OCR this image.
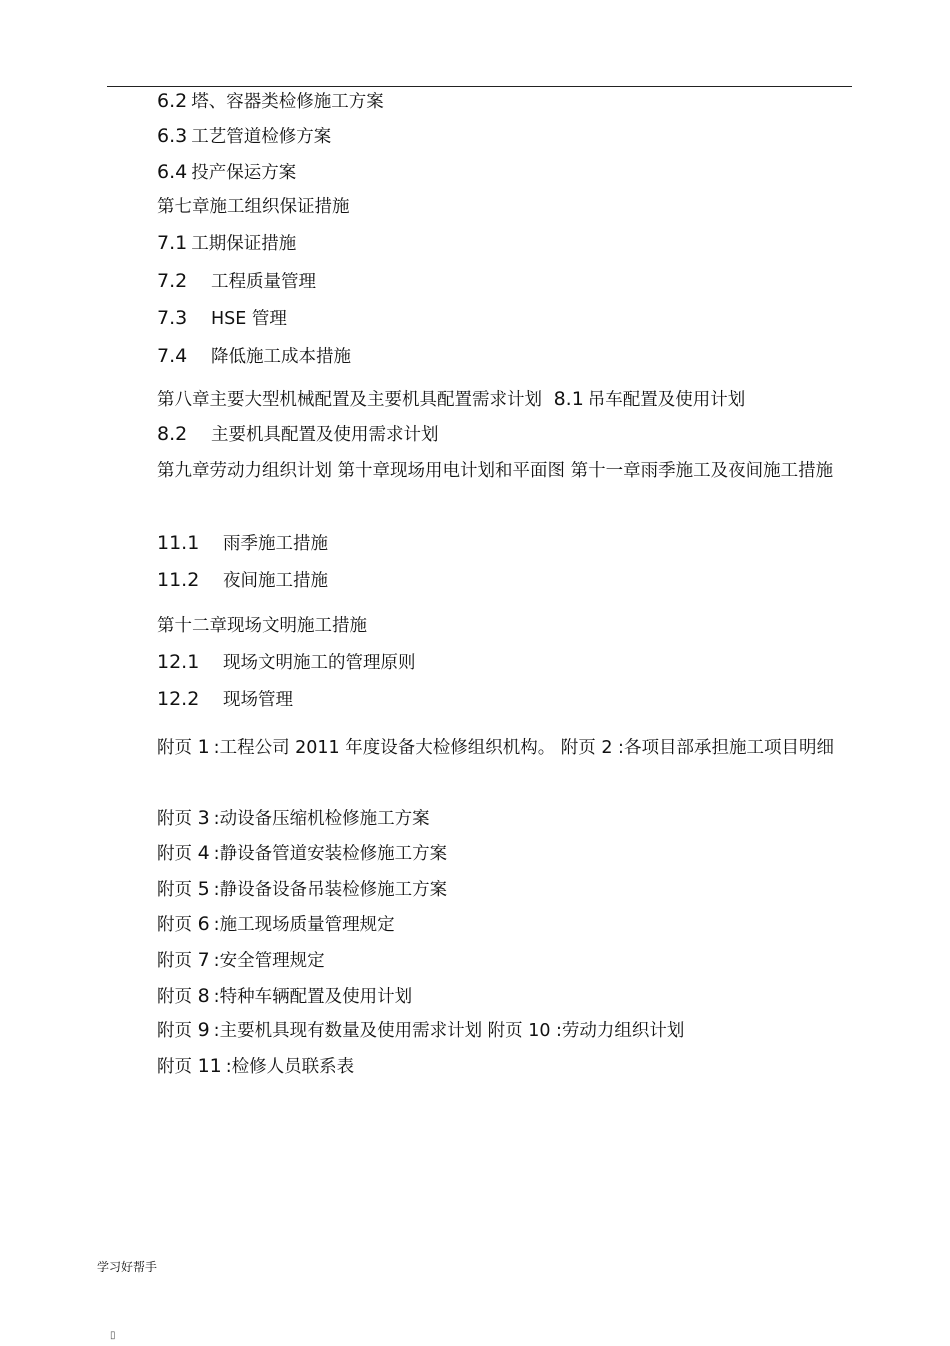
6.2 塔、容器类检修施工方案
6.3 工艺管道检修方案
6.4 投产保运方案
第七章施工组织保证措施
7.1 工期保证措施
7.2 工程质量管理
7.3 HSE 管理
7.4 降低施工成本措施
第八章主要大型机械配置及主要机具配置需求计划 8.1 吊车配置及使用计划
8.2 主要机具配置及使用需求计划
第九章劳动力组织计划 第十章现场用电计划和平面图 第十一章雨季施工及夜间施工措施
11.1 雨季施工措施
11.2 夜间施工措施
第十二章现场文明施工措施
12.1 现场文明施工的管理原则
12.2 现场管理
附页 1 :工程公司 2011 年度设备大检修组织机构。 附页 2 :各项目部承担施工项目明细
附页 3 :动设备压缩机检修施工方案
附页 4 :静设备管道安装检修施工方案
附页 5 :静设备设备吊装检修施工方案
附页 6 :施工现场质量管理规定
附页 7 :安全管理规定
附页 8 :特种车辆配置及使用计划
附页 9 :主要机具现有数量及使用需求计划 附页 10 :劳动力组织计划
附页 11 :检修人员联系表
学习好帮手
▯
